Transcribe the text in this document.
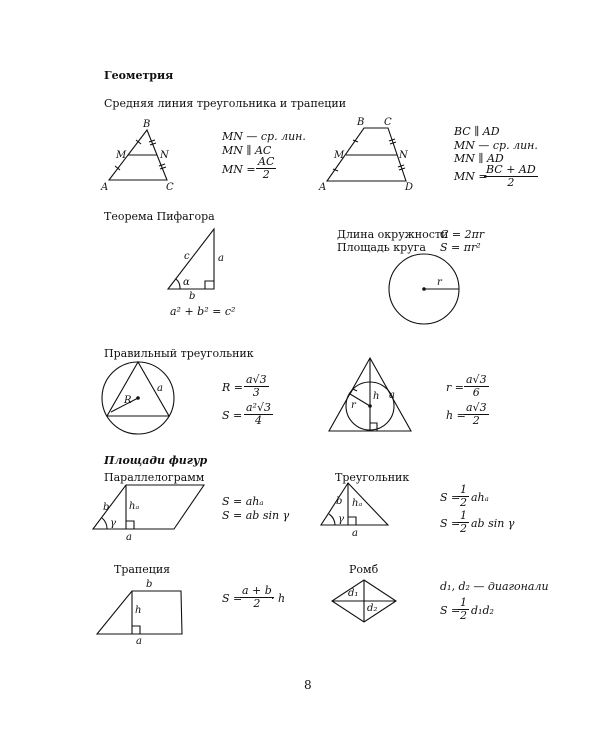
Геометрия
Средняя линия треугольника и трапеции
MN — ср. лин.
MN ∥ AC
MN = $\frac{AC}{2}$
BC ∥ AD
MN — ср. лин.
MN ∥ AD
MN =
$\frac{BC + AD}{2}$
Теорема Пифагора
Длина окружности
C = 2πr
Площадь круга S = πr²
a² + b² = c²
Правильный треугольник
$R = \frac{a√3}{3}$
$S = \frac{\text{a²√3}}{4}$
$r = \frac{a√3}{6}$
h =
$\frac{a√3}{2}$
Площади фигур
Параллелограмм	Треугольник
S = ahₐ
S = ab sin γ
S =
$\frac{1}{2}$ ahₐ
S =
$\frac{1}{2}$ ab sin γ
Трапеция	Ромб
S =
$\frac{a + b}{2}$
· h
d₁, d₂ — диагонали
S =
$\frac{1}{2} d_1d_2$
8
B
M	N
A	C
B C
M	N
A	D
c	a
α
b
r
R
a
r
h a
b hₐ
γ
a
b hₐ
γ
a
b
h
a
d₁
d₂
